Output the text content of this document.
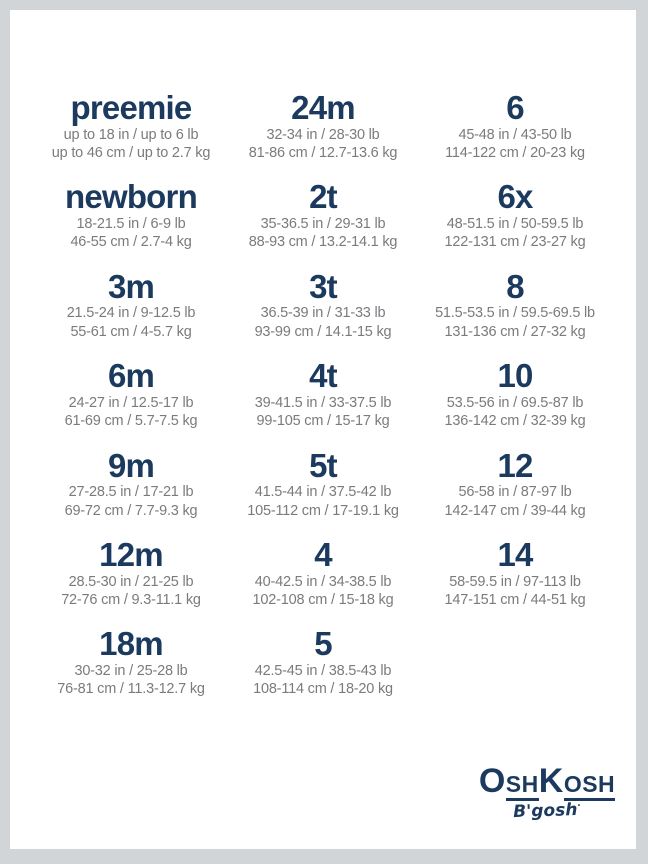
preemie
up to 18 in / up to 6 lb
up to 46 cm / up to 2.7 kg
24m
32-34 in / 28-30 lb
81-86 cm / 12.7-13.6 kg
6
45-48 in / 43-50 lb
114-122 cm / 20-23 kg
newborn
18-21.5 in / 6-9 lb
46-55 cm / 2.7-4 kg
2t
35-36.5 in / 29-31 lb
88-93 cm / 13.2-14.1 kg
6x
48-51.5 in / 50-59.5 lb
122-131 cm / 23-27 kg
3m
21.5-24 in / 9-12.5 lb
55-61 cm / 4-5.7 kg
3t
36.5-39 in / 31-33 lb
93-99 cm / 14.1-15 kg
8
51.5-53.5 in / 59.5-69.5 lb
131-136 cm / 27-32 kg
6m
24-27 in / 12.5-17 lb
61-69 cm / 5.7-7.5 kg
4t
39-41.5 in / 33-37.5 lb
99-105 cm / 15-17 kg
10
53.5-56 in / 69.5-87 lb
136-142 cm / 32-39 kg
9m
27-28.5 in / 17-21 lb
69-72 cm / 7.7-9.3 kg
5t
41.5-44 in / 37.5-42 lb
105-112 cm / 17-19.1 kg
12
56-58 in / 87-97 lb
142-147 cm / 39-44 kg
12m
28.5-30 in / 21-25 lb
72-76 cm / 9.3-11.1 kg
4
40-42.5 in / 34-38.5 lb
102-108 cm / 15-18 kg
14
58-59.5 in / 97-113 lb
147-151 cm / 44-51 kg
18m
30-32 in / 25-28 lb
76-81 cm / 11.3-12.7 kg
5
42.5-45 in / 38.5-43 lb
108-114 cm / 18-20 kg
OSHKOSH
B'gosh·
